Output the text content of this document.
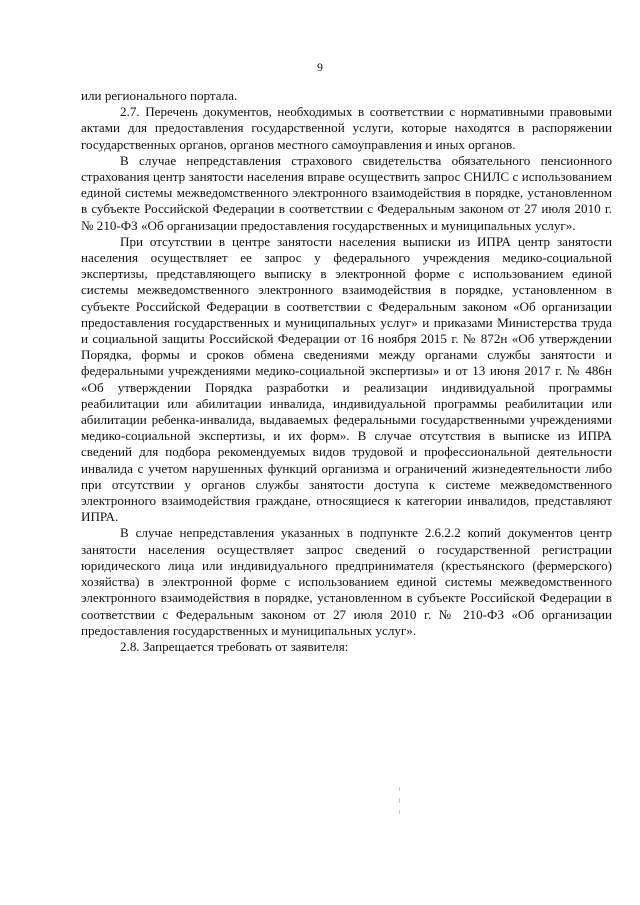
9

или регионального портала.

2.7. Перечень документов, необходимых в соответствии с нормативными правовыми актами для предоставления государственной услуги, которые находятся в распоряжении государственных органов, органов местного самоуправления и иных органов.

В случае непредставления страхового свидетельства обязательного пенсионного страхования центр занятости населения вправе осуществить запрос СНИЛС с использованием единой системы межведомственного электронного взаимодействия в порядке, установленном в субъекте Российской Федерации в соответствии с Федеральным законом от 27 июля 2010 г. № 210-ФЗ «Об организации предоставления государственных и муниципальных услуг».

При отсутствии в центре занятости населения выписки из ИПРА центр занятости населения осуществляет ее запрос у федерального учреждения медико-социальной экспертизы, представляющего выписку в электронной форме с использованием единой системы межведомственного электронного взаимодействия в порядке, установленном в субъекте Российской Федерации в соответствии с Федеральным законом «Об организации предоставления государственных и муниципальных услуг» и приказами Министерства труда и социальной защиты Российской Федерации от 16 ноября 2015 г. № 872н «Об утверждении Порядка, формы и сроков обмена сведениями между органами службы занятости и федеральными учреждениями медико-социальной экспертизы» и от 13 июня 2017 г. № 486н «Об утверждении Порядка разработки и реализации индивидуальной программы реабилитации или абилитации инвалида, индивидуальной программы реабилитации или абилитации ребенка-инвалида, выдаваемых федеральными государственными учреждениями медико-социальной экспертизы, и их форм». В случае отсутствия в выписке из ИПРА сведений для подбора рекомендуемых видов трудовой и профессиональной деятельности инвалида с учетом нарушенных функций организма и ограничений жизнедеятельности либо при отсутствии у органов службы занятости доступа к системе межведомственного электронного взаимодействия граждане, относящиеся к категории инвалидов, представляют ИПРА.

В случае непредставления указанных в подпункте 2.6.2.2 копий документов центр занятости населения осуществляет запрос сведений о государственной регистрации юридического лица или индивидуального предпринимателя (крестьянского (фермерского) хозяйства) в электронной форме с использованием единой системы межведомственного электронного взаимодействия в порядке, установленном в субъекте Российской Федерации в соответствии с Федеральным законом от 27 июля 2010 г. № 210-ФЗ «Об организации предоставления государственных и муниципальных услуг».

2.8. Запрещается требовать от заявителя:
